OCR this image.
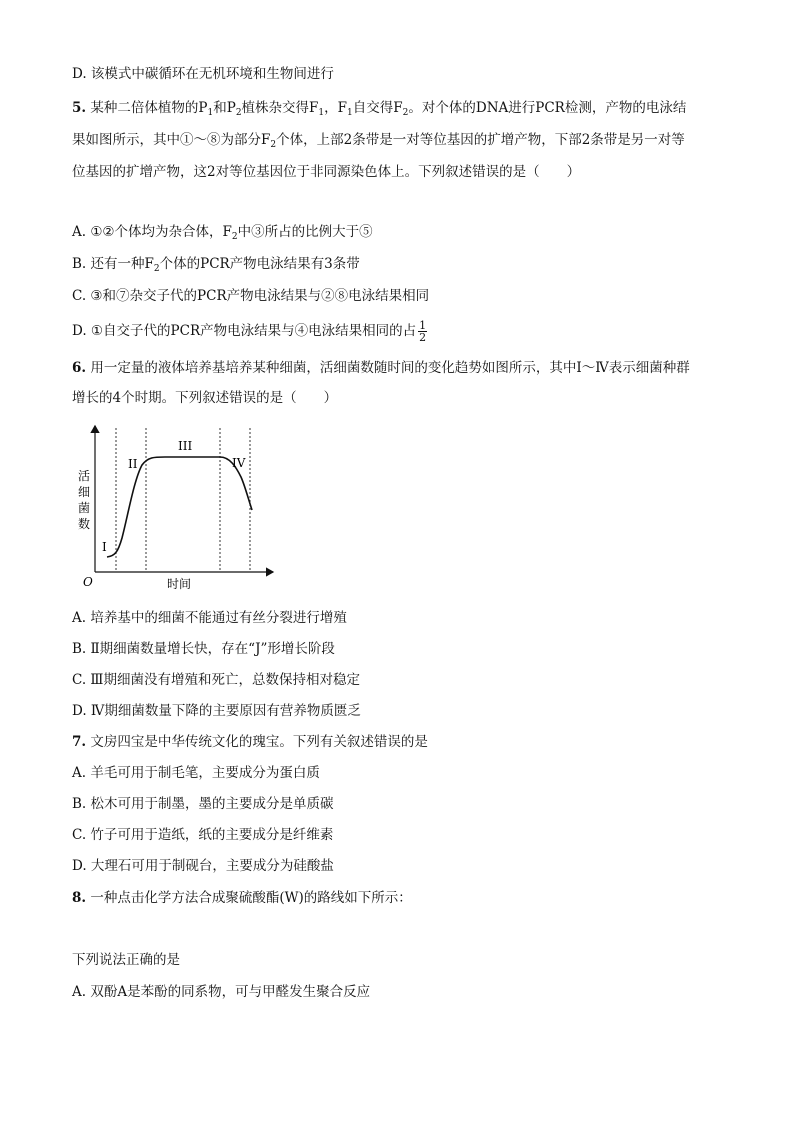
D. 该模式中碳循环在无机环境和生物间进行
5. 某种二倍体植物的$P_1$和$P_2$植株杂交得$F_1$，$F_1$自交得$F_2$。对个体的DNA进行PCR检测，产物的电泳结
果如图所示，其中①～⑧为部分$F_2$个体，上部2条带是一对等位基因的扩增产物，下部2条带是另一对等
位基因的扩增产物，这2对等位基因位于非同源染色体上。下列叙述错误的是（　　）
A. ①②个体均为杂合体，$F_2$中③所占的比例大于⑤
B. 还有一种$F_2$个体的PCR产物电泳结果有3条带
C. ③和⑦杂交子代的PCR产物电泳结果与②⑧电泳结果相同
D. ①自交子代的PCR产物电泳结果与④电泳结果相同的占 $\frac{1}{2}$
6. 用一定量的液体培养基培养某种细菌，活细菌数随时间的变化趋势如图所示，其中Ⅰ～Ⅳ表示细菌种群
增长的4个时期。下列叙述错误的是（　　）
I
II
III
IV
活
细
菌
数
O	时间
A. 培养基中的细菌不能通过有丝分裂进行增殖
B. Ⅱ期细菌数量增长快，存在“J”形增长阶段
C. Ⅲ期细菌没有增殖和死亡，总数保持相对稳定
D. Ⅳ期细菌数量下降的主要原因有营养物质匮乏
7. 文房四宝是中华传统文化的瑰宝。下列有关叙述错误的是
A. 羊毛可用于制毛笔，主要成分为蛋白质
B. 松木可用于制墨，墨的主要成分是单质碳
C. 竹子可用于造纸，纸的主要成分是纤维素
D. 大理石可用于制砚台，主要成分为硅酸盐
8. 一种点击化学方法合成聚硫酸酯(W)的路线如下所示：
下列说法正确的是
A. 双酚A是苯酚的同系物，可与甲醛发生聚合反应
